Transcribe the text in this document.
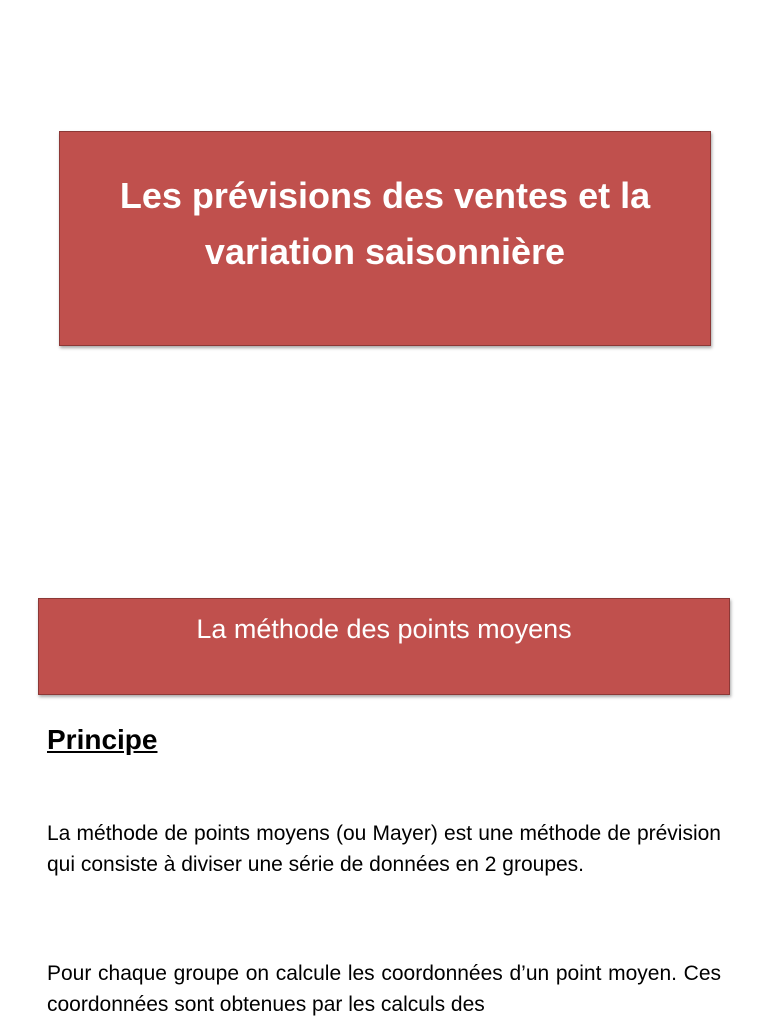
Les prévisions des ventes et la variation saisonnière
La méthode des points moyens
Principe

La méthode de points moyens (ou Mayer) est une méthode de prévision qui consiste à diviser une série de données en 2 groupes.

Pour chaque groupe on calcule les coordonnées d’un point moyen. Ces coordonnées sont obtenues par les calculs des
